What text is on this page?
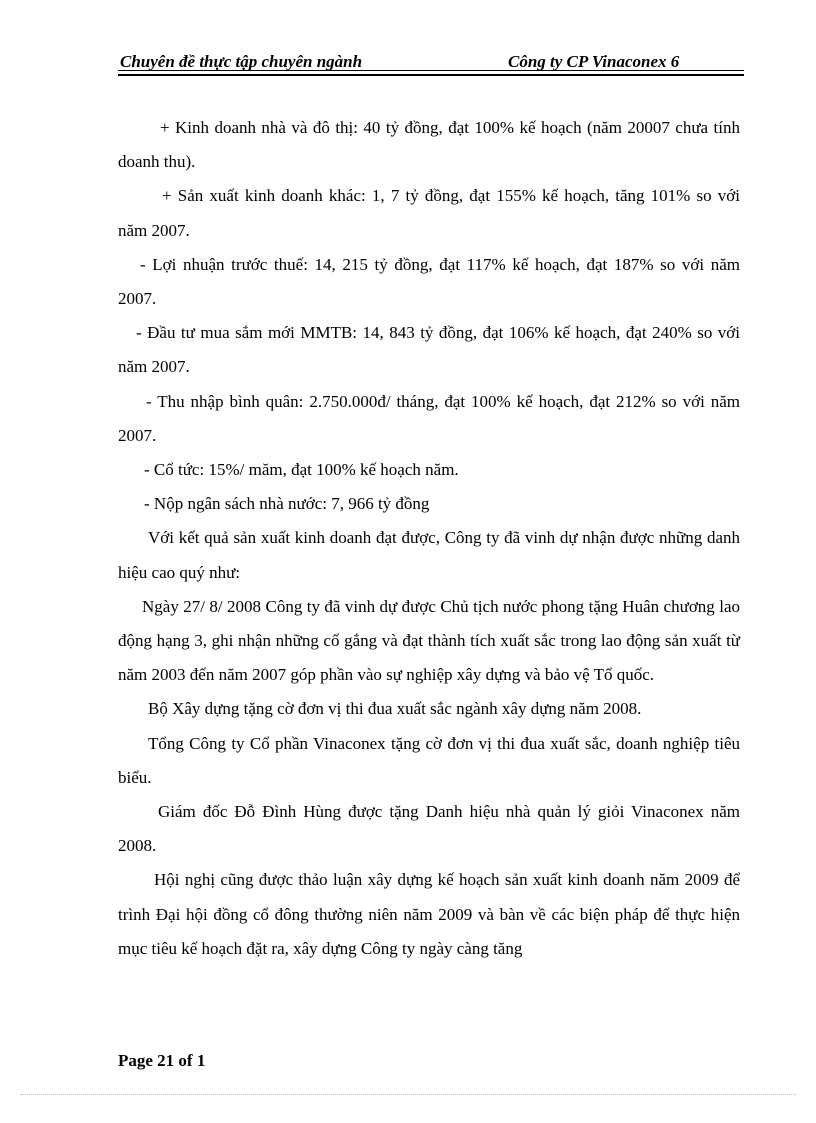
Chuyên đề thực tập chuyên ngành	Công ty CP Vinaconex 6

+ Kinh doanh nhà và đô thị: 40 tỷ đồng, đạt 100% kế hoạch (năm 20007 chưa tính doanh thu).

+ Sản xuất kinh doanh khác: 1, 7 tỷ đồng, đạt 155% kế hoạch, tăng 101% so với năm 2007.

- Lợi nhuận trước thuế: 14, 215 tỷ đồng, đạt 117% kế hoạch, đạt 187% so với năm 2007.

- Đầu tư mua sắm mới MMTB: 14, 843 tỷ đồng, đạt 106% kế hoạch, đạt 240% so với năm 2007.

- Thu nhập bình quân: 2.750.000đ/ tháng, đạt 100% kế hoạch, đạt 212% so với năm 2007.

- Cổ tức: 15%/ măm, đạt 100% kế hoạch năm.

- Nộp ngân sách nhà nước: 7, 966 tỷ đồng

Với kết quả sản xuất kinh doanh đạt được, Công ty đã vinh dự nhận được những danh hiệu cao quý như:

Ngày 27/ 8/ 2008 Công ty đã vinh dự được Chủ tịch nước phong tặng Huân chương lao động hạng 3, ghi nhận những cố gắng và đạt thành tích xuất sắc trong lao động sản xuất từ năm 2003 đến năm 2007 góp phần vào sự nghiệp xây dựng và bảo vệ Tổ quốc.

Bộ Xây dựng tặng cờ đơn vị thi đua xuất sắc ngành xây dựng năm 2008.

Tổng Công ty Cổ phần Vinaconex tặng cờ đơn vị thi đua xuất sắc, doanh nghiệp tiêu biểu.

Giám đốc Đỗ Đình Hùng được tặng Danh hiệu nhà quản lý giỏi Vinaconex năm 2008.

Hội nghị cũng được thảo luận xây dựng kế hoạch sản xuất kinh doanh năm 2009 để trình Đại hội đồng cổ đông thường niên năm 2009 và bàn về các biện pháp để thực hiện mục tiêu kế hoạch đặt ra, xây dựng Công ty ngày càng tăng

Page 21 of 1
